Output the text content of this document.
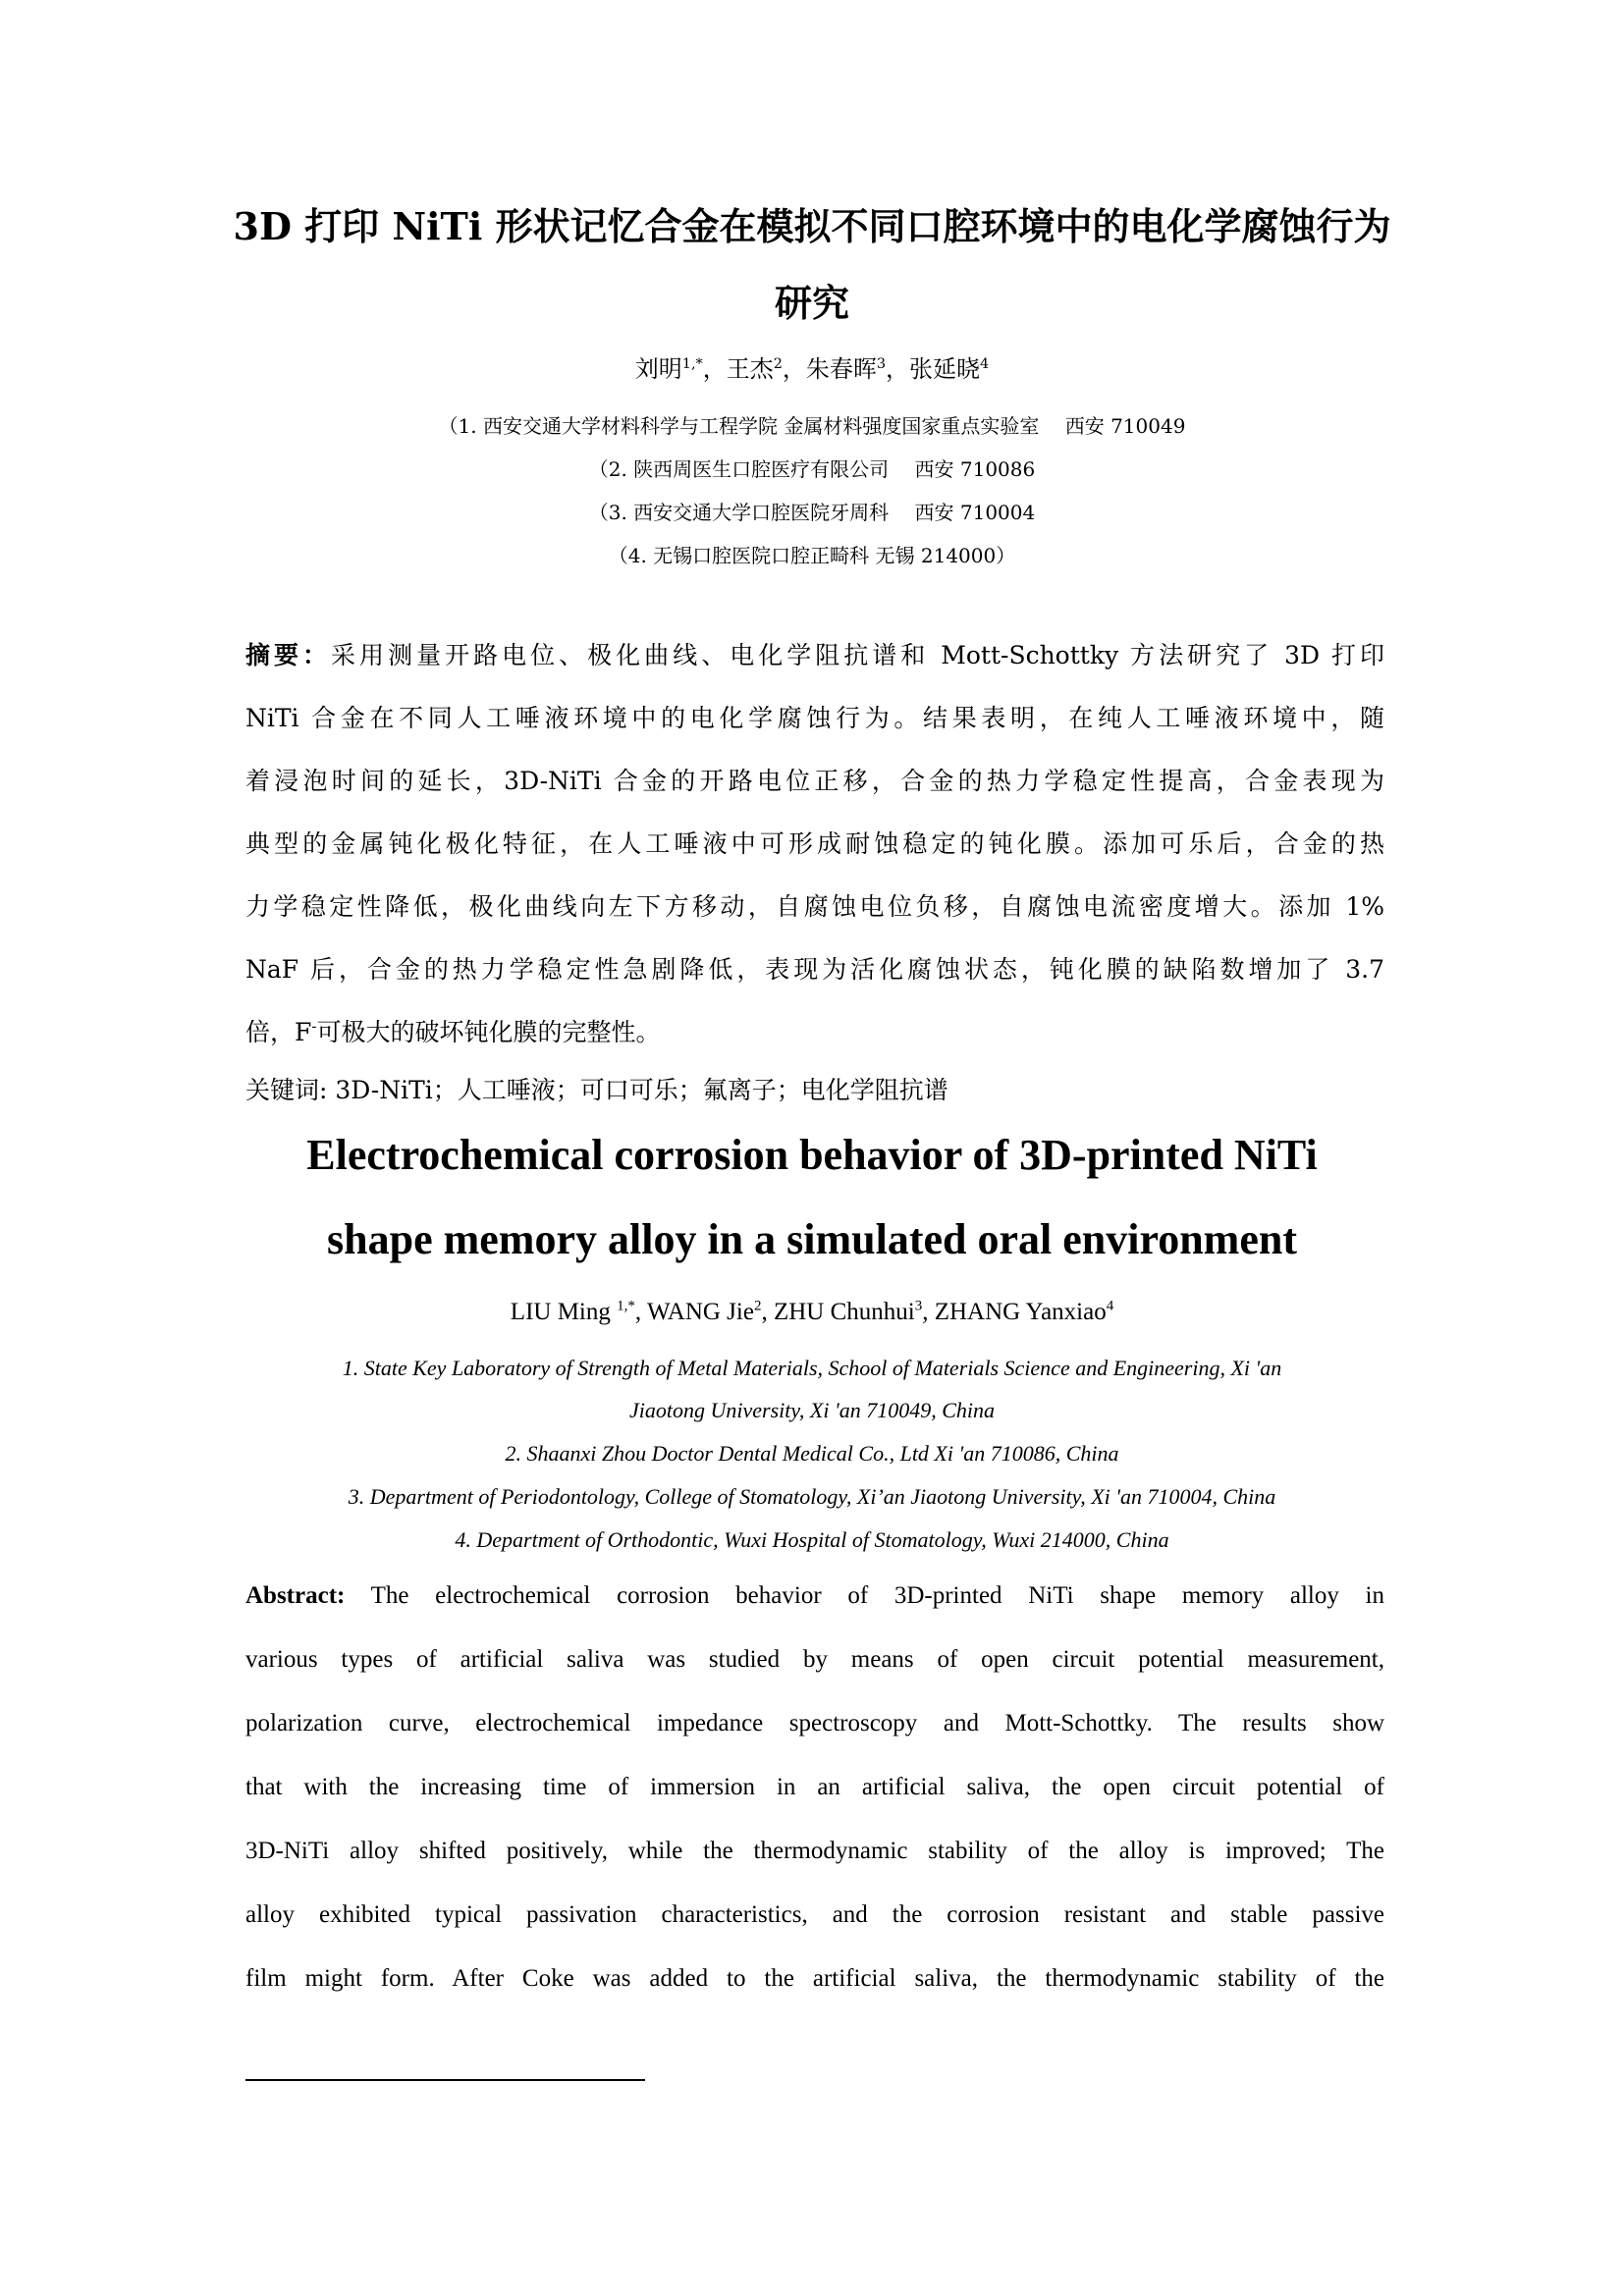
3D 打印 NiTi 形状记忆合金在模拟不同口腔环境中的电化学腐蚀行为
研究
刘明$^{1,*}$，王杰$^2$，朱春晖$^3$，张延晓$^4$
（1. 西安交通大学材料科学与工程学院 金属材料强度国家重点实验室　 西安 710049
（2. 陕西周医生口腔医疗有限公司　 西安 710086
（3. 西安交通大学口腔医院牙周科　 西安 710004
（4. 无锡口腔医院口腔正畸科 无锡 214000）
摘要：采用测量开路电位、极化曲线、电化学阻抗谱和 Mott-Schottky 方法研究了 3D 打印
NiTi 合金在不同人工唾液环境中的电化学腐蚀行为。结果表明，在纯人工唾液环境中，随
着浸泡时间的延长，3D-NiTi 合金的开路电位正移，合金的热力学稳定性提高，合金表现为
典型的金属钝化极化特征，在人工唾液中可形成耐蚀稳定的钝化膜。添加可乐后，合金的热
力学稳定性降低，极化曲线向左下方移动，自腐蚀电位负移，自腐蚀电流密度增大。添加 1%
NaF 后，合金的热力学稳定性急剧降低，表现为活化腐蚀状态，钝化膜的缺陷数增加了 3.7
倍，F-可极大的破坏钝化膜的完整性。
关键词: 3D-NiTi；人工唾液；可口可乐；氟离子；电化学阻抗谱
Electrochemical corrosion behavior of 3D-printed NiTi
shape memory alloy in a simulated oral environment
LIU Ming $^{1,*}$, WANG Jie$^2$, ZHU Chunhui$^3$, ZHANG Yanxiao$^4$
1. State Key Laboratory of Strength of Metal Materials, School of Materials Science and Engineering, Xi 'an
Jiaotong University, Xi 'an 710049, China
2. Shaanxi Zhou Doctor Dental Medical Co., Ltd Xi 'an 710086, China
3. Department of Periodontology, College of Stomatology, Xi’an Jiaotong University, Xi 'an 710004, China
4. Department of Orthodontic, Wuxi Hospital of Stomatology, Wuxi 214000, China
Abstract: The electrochemical corrosion behavior of 3D-printed NiTi shape memory alloy in
various types of artificial saliva was studied by means of open circuit potential measurement,
polarization curve, electrochemical impedance spectroscopy and Mott-Schottky. The results show
that with the increasing time of immersion in an artificial saliva, the open circuit potential of
3D-NiTi alloy shifted positively, while the thermodynamic stability of the alloy is improved; The
alloy exhibited typical passivation characteristics, and the corrosion resistant and stable passive
film might form. After Coke was added to the artificial saliva, the thermodynamic stability of the
